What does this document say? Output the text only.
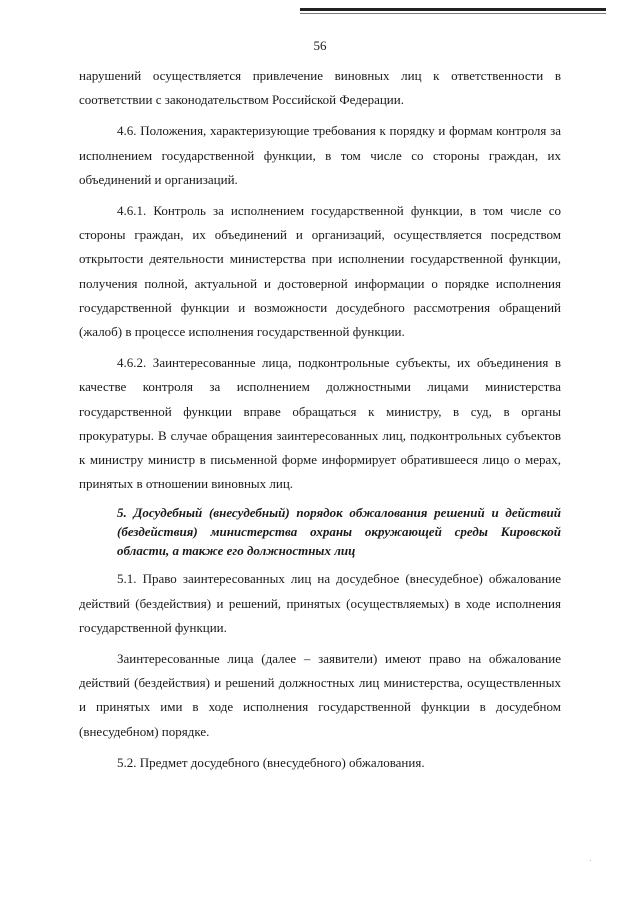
56

нарушений осуществляется привлечение виновных лиц к ответственности в соответствии с законодательством Российской Федерации.

4.6. Положения, характеризующие требования к порядку и формам контроля за исполнением государственной функции, в том числе со стороны граждан, их объединений и организаций.

4.6.1. Контроль за исполнением государственной функции, в том числе со стороны граждан, их объединений и организаций, осуществляется посредством открытости деятельности министерства при исполнении государственной функции, получения полной, актуальной и достоверной информации о порядке исполнения государственной функции и возможности досудебного рассмотрения обращений (жалоб) в процессе исполнения государственной функции.

4.6.2. Заинтересованные лица, подконтрольные субъекты, их объединения в качестве контроля за исполнением должностными лицами министерства государственной функции вправе обращаться к министру, в суд, в органы прокуратуры. В случае обращения заинтересованных лиц, подконтрольных субъектов к министру министр в письменной форме информирует обратившееся лицо о мерах, принятых в отношении виновных лиц.

5. Досудебный (внесудебный) порядок обжалования решений и действий (бездействия) министерства охраны окружающей среды Кировской области, а также его должностных лиц

5.1. Право заинтересованных лиц на досудебное (внесудебное) обжалование действий (бездействия) и решений, принятых (осуществляемых) в ходе исполнения государственной функции.

Заинтересованные лица (далее – заявители) имеют право на обжалование действий (бездействия) и решений должностных лиц министерства, осуществленных и принятых ими в ходе исполнения государственной функции в досудебном (внесудебном) порядке.

5.2. Предмет досудебного (внесудебного) обжалования.
